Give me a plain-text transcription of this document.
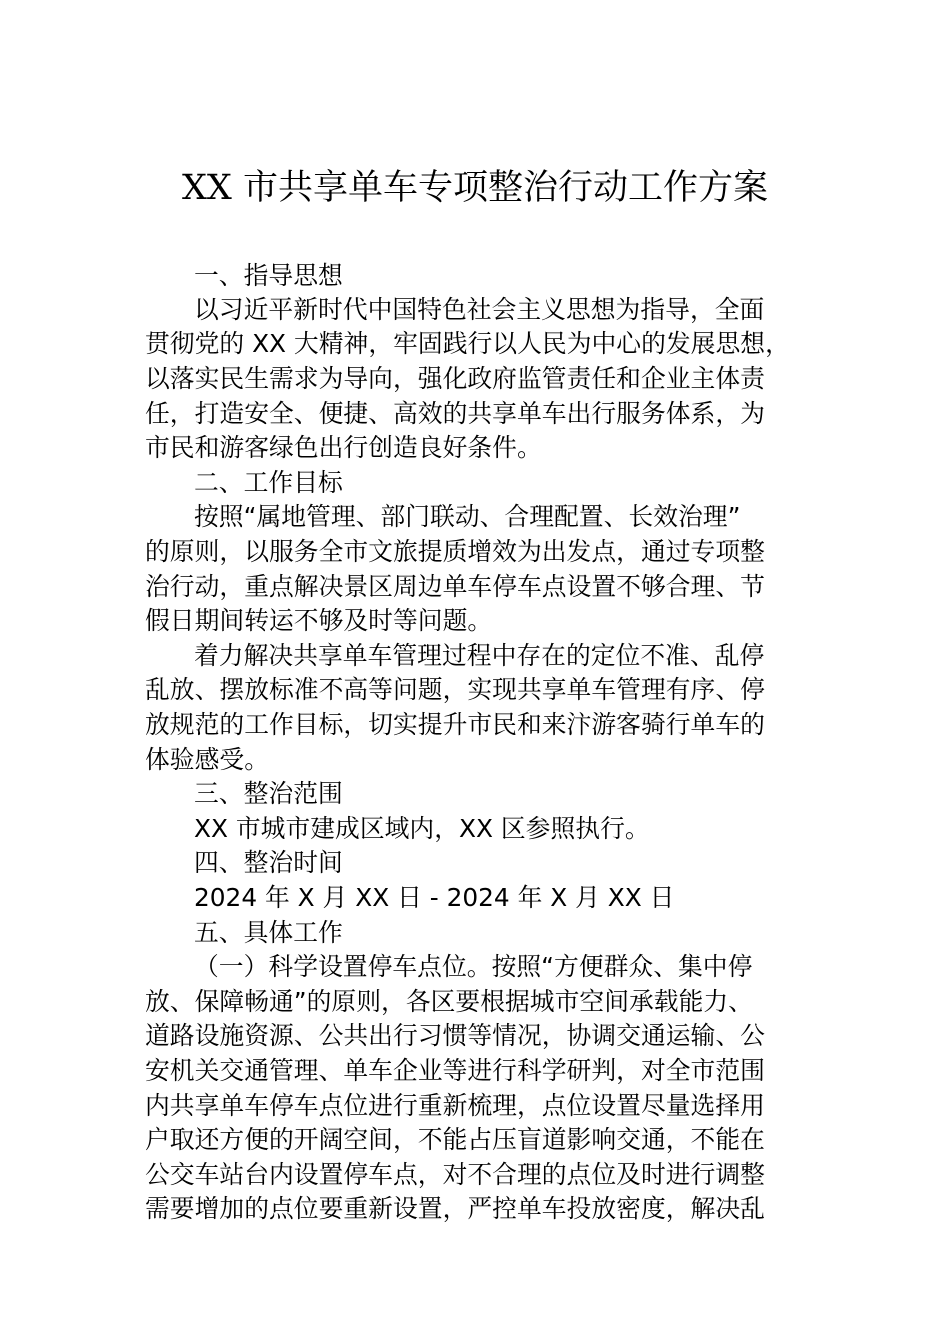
XX 市共享单车专项整治行动工作方案
一、指导思想
以习近平新时代中国特色社会主义思想为指导，全面
贯彻党的 XX 大精神，牢固践行以人民为中心的发展思想，
以落实民生需求为导向，强化政府监管责任和企业主体责
任，打造安全、便捷、高效的共享单车出行服务体系，为
市民和游客绿色出行创造良好条件。
二、工作目标
按照“属地管理、部门联动、合理配置、长效治理”
的原则，以服务全市文旅提质增效为出发点，通过专项整
治行动，重点解决景区周边单车停车点设置不够合理、节
假日期间转运不够及时等问题。
着力解决共享单车管理过程中存在的定位不准、乱停
乱放、摆放标准不高等问题，实现共享单车管理有序、停
放规范的工作目标，切实提升市民和来汴游客骑行单车的
体验感受。
三、整治范围
XX 市城市建成区域内，XX 区参照执行。
四、整治时间
2024 年 X 月 XX 日 - 2024 年 X 月 XX 日
五、具体工作
（一）科学设置停车点位。按照“方便群众、集中停
放、保障畅通”的原则，各区要根据城市空间承载能力、
道路设施资源、公共出行习惯等情况，协调交通运输、公
安机关交通管理、单车企业等进行科学研判，对全市范围
内共享单车停车点位进行重新梳理，点位设置尽量选择用
户取还方便的开阔空间，不能占压盲道影响交通，不能在
公交车站台内设置停车点，对不合理的点位及时进行调整
需要增加的点位要重新设置，严控单车投放密度，解决乱
